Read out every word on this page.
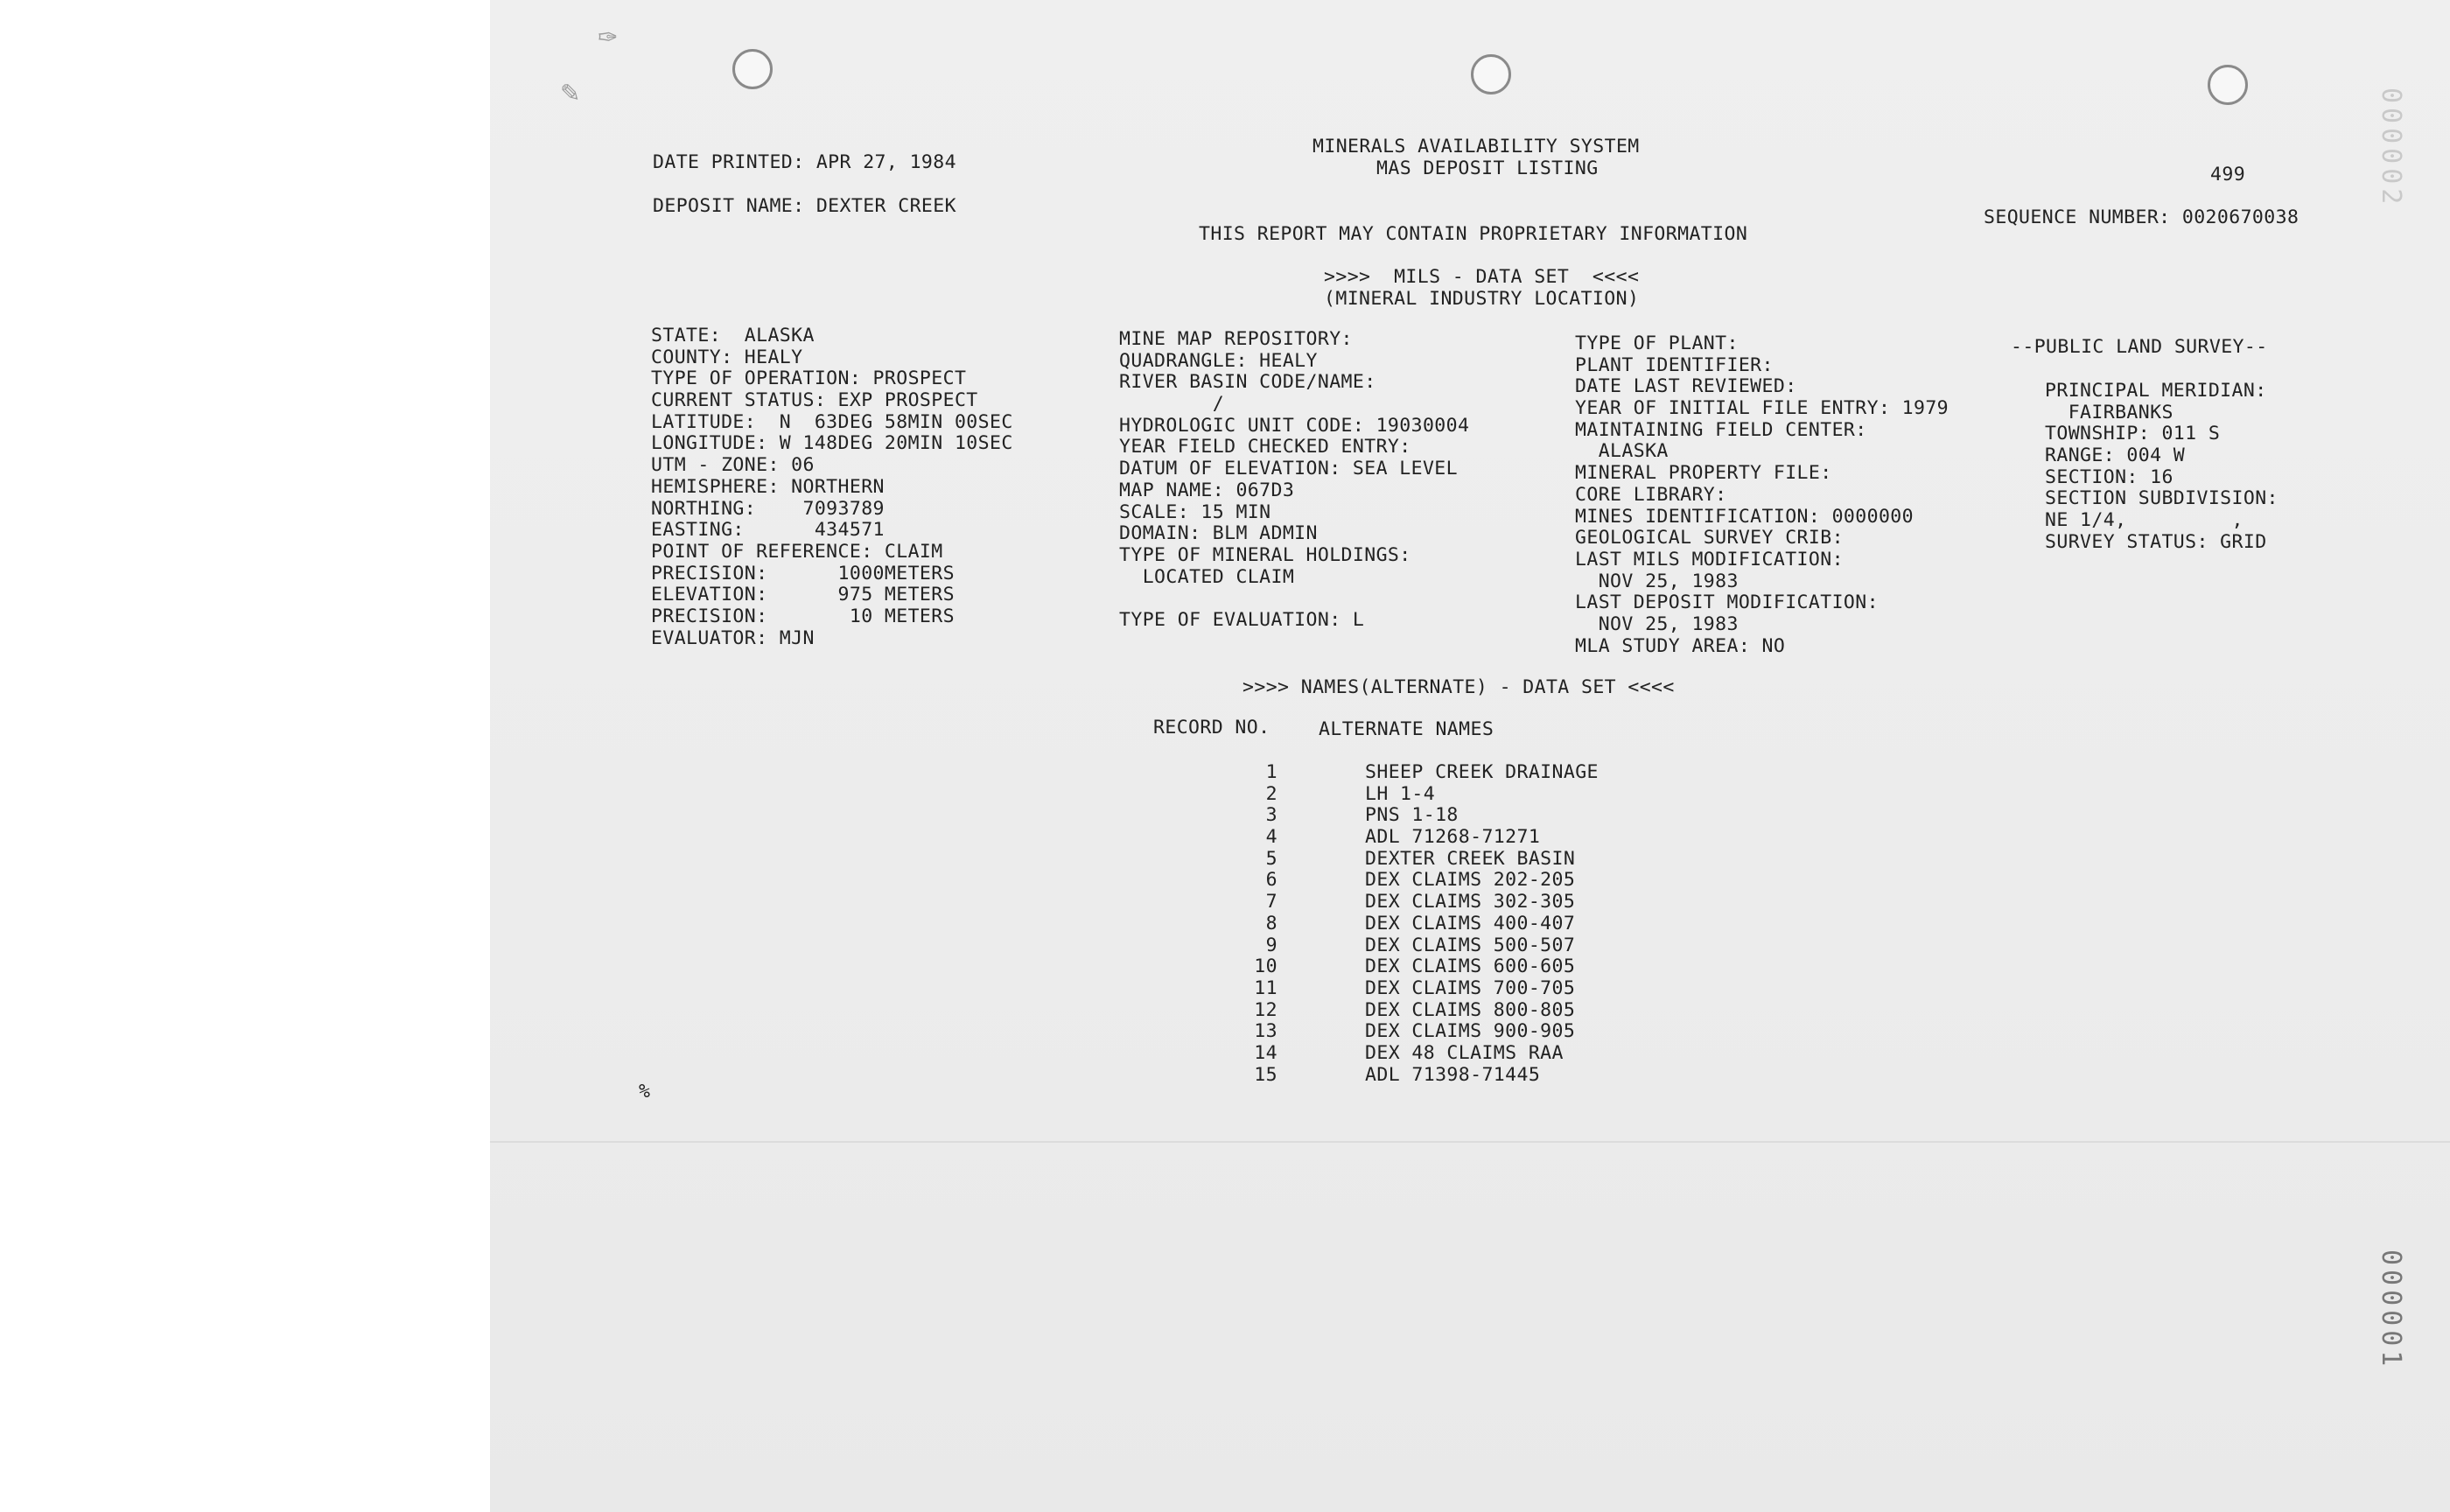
✑
✎	000002
000001
MINERALS AVAILABILITY SYSTEM
MAS DEPOSIT LISTING
DATE PRINTED: APR 27, 1984
499
DEPOSIT NAME: DEXTER CREEK
SEQUENCE NUMBER: 0020670038
THIS REPORT MAY CONTAIN PROPRIETARY INFORMATION
>>>>  MILS - DATA SET  <<<<
(MINERAL INDUSTRY LOCATION)
STATE:  ALASKA
COUNTY: HEALY
TYPE OF OPERATION: PROSPECT
CURRENT STATUS: EXP PROSPECT
LATITUDE:  N  63DEG 58MIN 00SEC
LONGITUDE: W 148DEG 20MIN 10SEC
UTM - ZONE: 06
HEMISPHERE: NORTHERN
NORTHING:    7093789
EASTING:      434571
POINT OF REFERENCE: CLAIM
PRECISION:      1000METERS
ELEVATION:      975 METERS
PRECISION:       10 METERS
EVALUATOR: MJN
MINE MAP REPOSITORY:
QUADRANGLE: HEALY
RIVER BASIN CODE/NAME:
/
HYDROLOGIC UNIT CODE: 19030004
YEAR FIELD CHECKED ENTRY:
DATUM OF ELEVATION: SEA LEVEL
MAP NAME: 067D3
SCALE: 15 MIN
DOMAIN: BLM ADMIN
TYPE OF MINERAL HOLDINGS:
LOCATED CLAIM
TYPE OF EVALUATION: L
TYPE OF PLANT:
PLANT IDENTIFIER:
DATE LAST REVIEWED:
YEAR OF INITIAL FILE ENTRY: 1979
MAINTAINING FIELD CENTER:
ALASKA
MINERAL PROPERTY FILE:
CORE LIBRARY:
MINES IDENTIFICATION: 0000000
GEOLOGICAL SURVEY CRIB:
LAST MILS MODIFICATION:
NOV 25, 1983
LAST DEPOSIT MODIFICATION:
NOV 25, 1983
MLA STUDY AREA: NO
--PUBLIC LAND SURVEY--
PRINCIPAL MERIDIAN:
FAIRBANKS
TOWNSHIP: 011 S
RANGE: 004 W
SECTION: 16
SECTION SUBDIVISION:
NE 1/4,         ,
SURVEY STATUS: GRID
>>>> NAMES(ALTERNATE) - DATA SET <<<<
RECORD NO.	ALTERNATE NAMES
1	SHEEP CREEK DRAINAGE
2	LH 1-4
3	PNS 1-18
4	ADL 71268-71271
5	DEXTER CREEK BASIN
6	DEX CLAIMS 202-205
7	DEX CLAIMS 302-305
8	DEX CLAIMS 400-407
9	DEX CLAIMS 500-507
10	DEX CLAIMS 600-605
11	DEX CLAIMS 700-705
12	DEX CLAIMS 800-805
13	DEX CLAIMS 900-905
14	DEX 48 CLAIMS RAA
15	ADL 71398-71445
%
